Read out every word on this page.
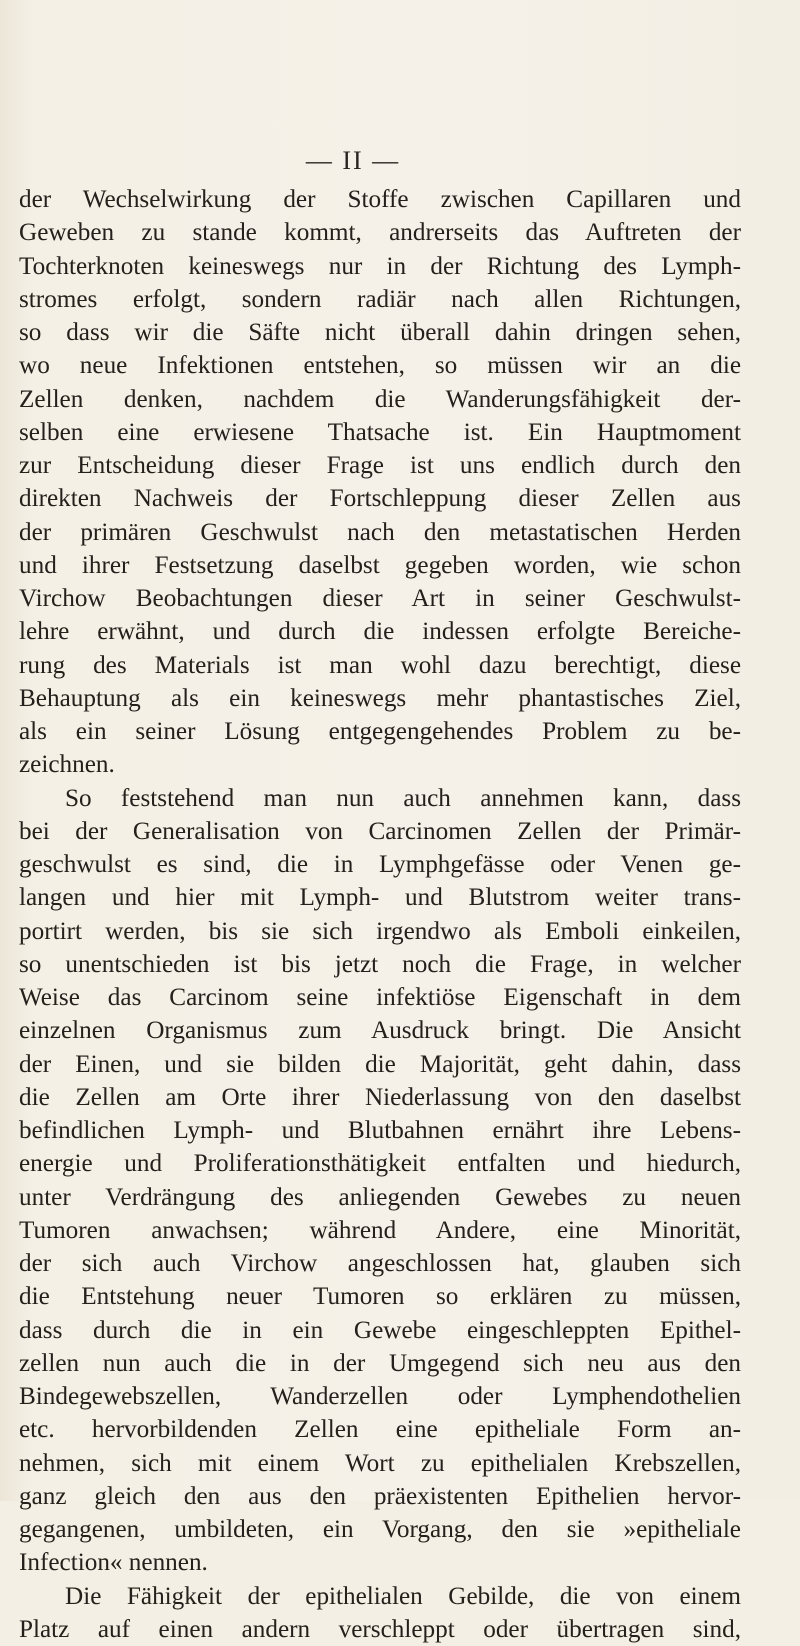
— II —
der Wechselwirkung der Stoffe zwischen Capillaren und
Geweben zu stande kommt, andrerseits das Auftreten der
Tochterknoten keineswegs nur in der Richtung des Lymph-
stromes erfolgt, sondern radiär nach allen Richtungen,
so dass wir die Säfte nicht überall dahin dringen sehen,
wo neue Infektionen entstehen, so müssen wir an die
Zellen denken, nachdem die Wanderungsfähigkeit der-
selben eine erwiesene Thatsache ist. Ein Hauptmoment
zur Entscheidung dieser Frage ist uns endlich durch den
direkten Nachweis der Fortschleppung dieser Zellen aus
der primären Geschwulst nach den metastatischen Herden
und ihrer Festsetzung daselbst gegeben worden, wie schon
Virchow Beobachtungen dieser Art in seiner Geschwulst-
lehre erwähnt, und durch die indessen erfolgte Bereiche-
rung des Materials ist man wohl dazu berechtigt, diese
Behauptung als ein keineswegs mehr phantastisches Ziel,
als ein seiner Lösung entgegengehendes Problem zu be-
zeichnen.
So feststehend man nun auch annehmen kann, dass
bei der Generalisation von Carcinomen Zellen der Primär-
geschwulst es sind, die in Lymphgefässe oder Venen ge-
langen und hier mit Lymph- und Blutstrom weiter trans-
portirt werden, bis sie sich irgendwo als Emboli einkeilen,
so unentschieden ist bis jetzt noch die Frage, in welcher
Weise das Carcinom seine infektiöse Eigenschaft in dem
einzelnen Organismus zum Ausdruck bringt. Die Ansicht
der Einen, und sie bilden die Majorität, geht dahin, dass
die Zellen am Orte ihrer Niederlassung von den daselbst
befindlichen Lymph- und Blutbahnen ernährt ihre Lebens-
energie und Proliferationsthätigkeit entfalten und hiedurch,
unter Verdrängung des anliegenden Gewebes zu neuen
Tumoren anwachsen; während Andere, eine Minorität,
der sich auch Virchow angeschlossen hat, glauben sich
die Entstehung neuer Tumoren so erklären zu müssen,
dass durch die in ein Gewebe eingeschleppten Epithel-
zellen nun auch die in der Umgegend sich neu aus den
Bindegewebszellen, Wanderzellen oder Lymphendothelien
etc. hervorbildenden Zellen eine epitheliale Form an-
nehmen, sich mit einem Wort zu epithelialen Krebszellen,
ganz gleich den aus den präexistenten Epithelien hervor-
gegangenen, umbildeten, ein Vorgang, den sie »epitheliale
Infection« nennen.
Die Fähigkeit der epithelialen Gebilde, die von einem
Platz auf einen andern verschleppt oder übertragen sind,
